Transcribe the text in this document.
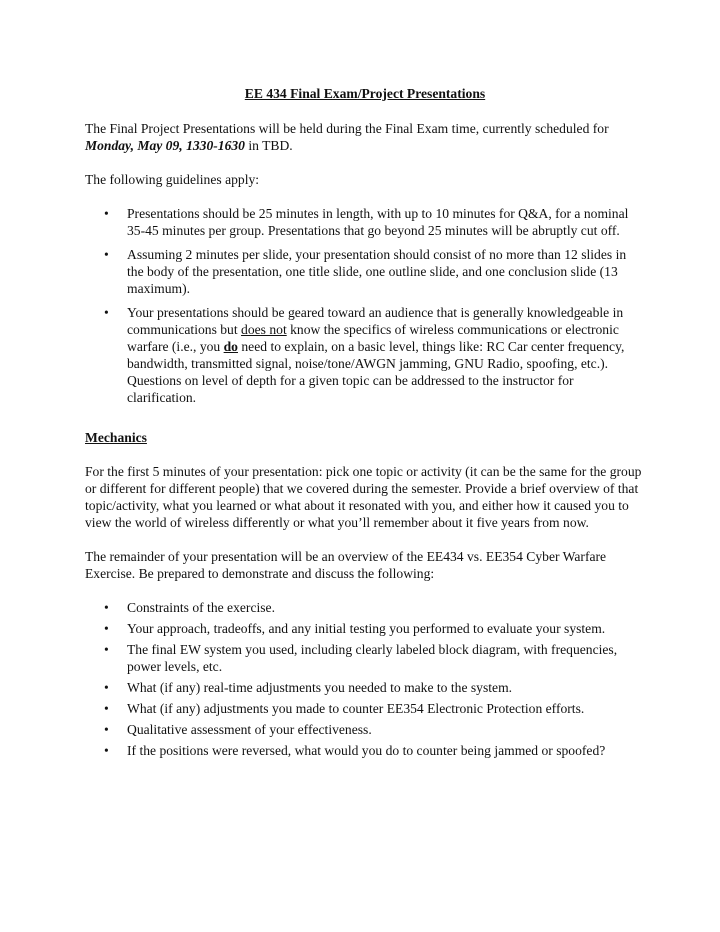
EE 434 Final Exam/Project Presentations

The Final Project Presentations will be held during the Final Exam time, currently scheduled for Monday, May 09, 1330-1630 in TBD.

The following guidelines apply:

• Presentations should be 25 minutes in length, with up to 10 minutes for Q&A, for a nominal 35-45 minutes per group. Presentations that go beyond 25 minutes will be abruptly cut off.
• Assuming 2 minutes per slide, your presentation should consist of no more than 12 slides in the body of the presentation, one title slide, one outline slide, and one conclusion slide (13 maximum).
• Your presentations should be geared toward an audience that is generally knowledgeable in communications but does not know the specifics of wireless communications or electronic warfare (i.e., you do need to explain, on a basic level, things like: RC Car center frequency, bandwidth, transmitted signal, noise/tone/AWGN jamming, GNU Radio, spoofing, etc.). Questions on level of depth for a given topic can be addressed to the instructor for clarification.
Mechanics

For the first 5 minutes of your presentation: pick one topic or activity (it can be the same for the group or different for different people) that we covered during the semester. Provide a brief overview of that topic/activity, what you learned or what about it resonated with you, and either how it caused you to view the world of wireless differently or what you’ll remember about it five years from now.

The remainder of your presentation will be an overview of the EE434 vs. EE354 Cyber Warfare Exercise. Be prepared to demonstrate and discuss the following:

• Constraints of the exercise.
• Your approach, tradeoffs, and any initial testing you performed to evaluate your system.
• The final EW system you used, including clearly labeled block diagram, with frequencies, power levels, etc.
• What (if any) real-time adjustments you needed to make to the system.
• What (if any) adjustments you made to counter EE354 Electronic Protection efforts.
• Qualitative assessment of your effectiveness.
• If the positions were reversed, what would you do to counter being jammed or spoofed?
